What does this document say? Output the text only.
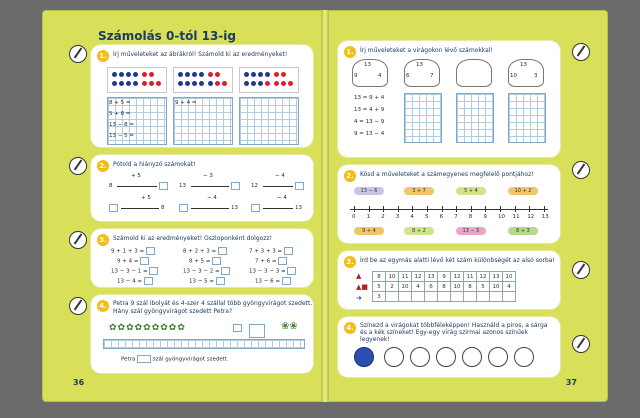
Számolás 0-tól 13-ig
1.	Írj műveleteket az ábrákról! Számold ki az eredményeket!
8 + 5 =
5 + 8 =
13 − 8 =
13 − 5 =
9 + 4 =
2.	Pótold a hiányzó számokat!
+ 5
8
− 3
13
− 4
12
+ 5
8
− 4
13
− 4
13
3.	Számold ki az eredményeket! Oszloponként dolgozz!
9 + 1 + 3 =
9 + 4 =
13 − 3 − 1 =
13 − 4 =
8 + 2 + 3 =
8 + 5 =
13 − 3 − 2 =
13 − 5 =
7 + 3 + 3 =
7 + 6 =
13 − 3 − 3 =
13 − 6 =
4.	Petra 9 szál ibolyát és 4-szer 4 szállal több gyöngyvirágot szedett.
Hány szál gyöngyvirágot szedett Petra?
✿✿✿✿✿✿✿✿✿	❀❀
Petra	szál gyöngyvirágot szedett.
36
1.	Írj műveleteket a virágokon lévő számokkal!
13
9	4
13
6	7
13
10	3
13 = 9 + 4
13 = 4 + 9
4 = 13 − 9
9 = 13 − 4
2.	Kösd a műveleteket a számegyenes megfelelő pontjához!
13 − 6	3 + 7	5 + 4	10 + 2
9 + 4	8 + 2	13 − 5	8 + 3
0 1 2 3 4 5 6 7 8 9 10 11 12 13
3.	Írd be az egymás alatti lévő két szám különbségét az alsó sorba!
▲
▲■
➜
8	10	11	12	13	9	12	11	12	13	10
5	2	10	4	6	8	10	8	5	10	4
3										
4.	Színezd a virágokat többféleképpen! Használd a piros, a sárga és a kék színeket! Egy-egy virág szirmai azonos színűek legyenek!
37
